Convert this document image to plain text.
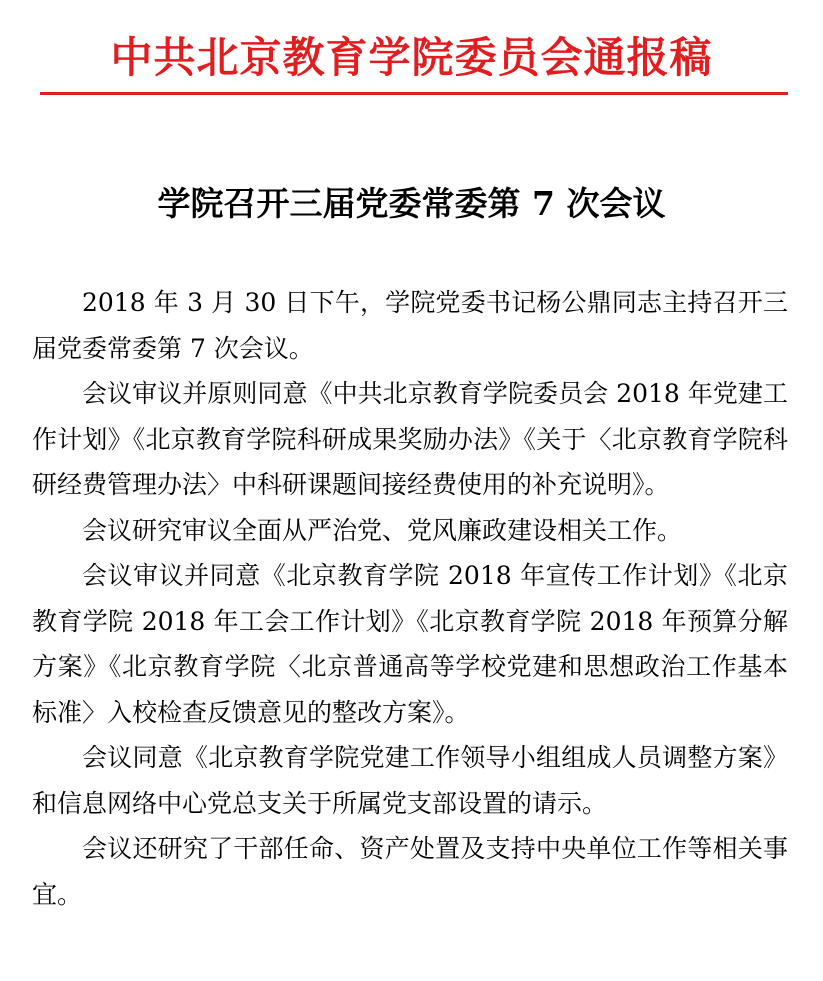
中共北京教育学院委员会通报稿
学院召开三届党委常委第 7 次会议

2018 年 3 月 30 日下午，学院党委书记杨公鼎同志主持召开三届党委常委第 7 次会议。

会议审议并原则同意《中共北京教育学院委员会 2018 年党建工作计划》《北京教育学院科研成果奖励办法》《关于〈北京教育学院科研经费管理办法〉中科研课题间接经费使用的补充说明》。

会议研究审议全面从严治党、党风廉政建设相关工作。

会议审议并同意《北京教育学院 2018 年宣传工作计划》《北京教育学院 2018 年工会工作计划》《北京教育学院 2018 年预算分解方案》《北京教育学院〈北京普通高等学校党建和思想政治工作基本标准〉入校检查反馈意见的整改方案》。

会议同意《北京教育学院党建工作领导小组组成人员调整方案》和信息网络中心党总支关于所属党支部设置的请示。

会议还研究了干部任命、资产处置及支持中央单位工作等相关事宜。
